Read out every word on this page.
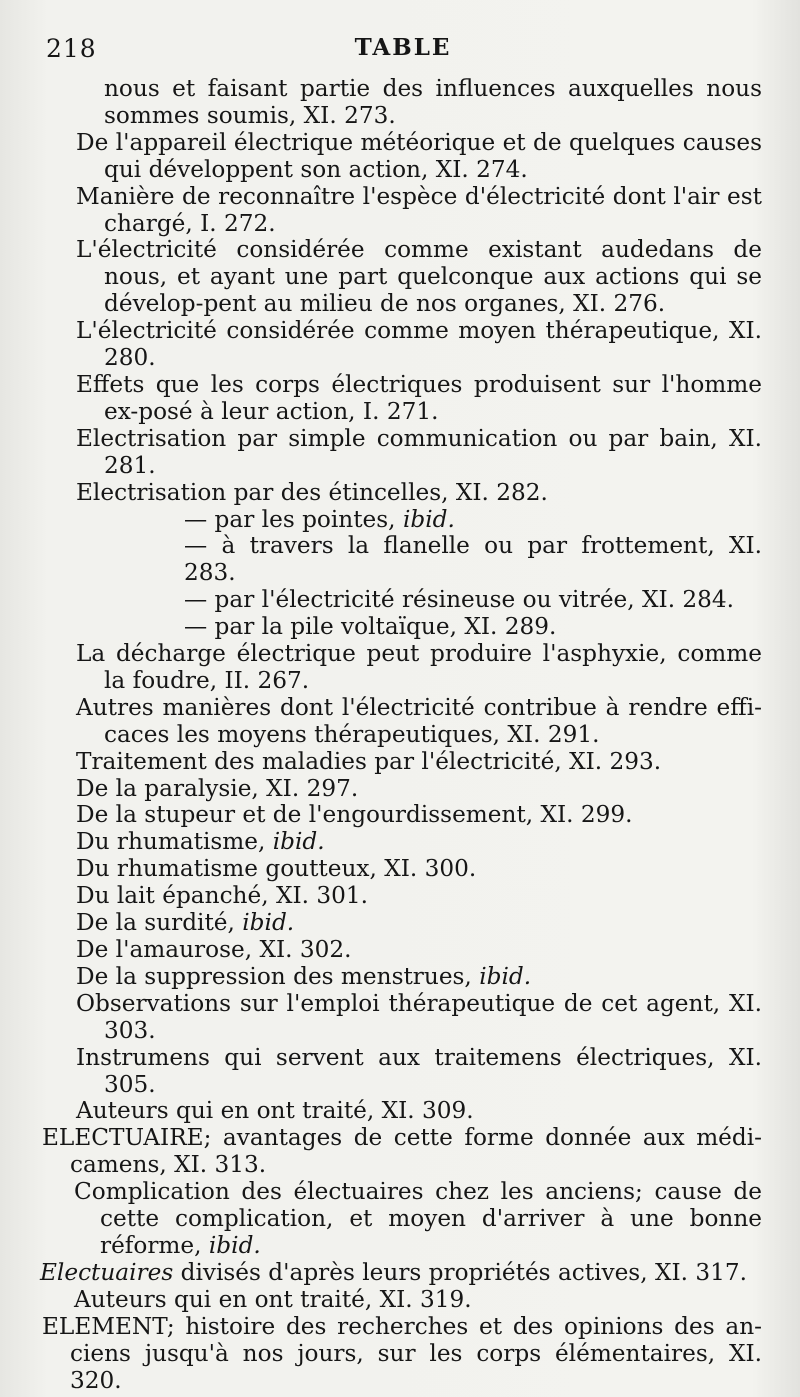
218	TABLE

nous et faisant partie des influences auxquelles nous sommes soumis, XI. 273.

De l'appareil électrique météorique et de quelques causes qui développent son action, XI. 274.

Manière de reconnaître l'espèce d'électricité dont l'air est chargé, I. 272.

L'électricité considérée comme existant audedans de nous, et ayant une part quelconque aux actions qui se dévelop-pent au milieu de nos organes, XI. 276.

L'électricité considérée comme moyen thérapeutique, XI. 280.

Effets que les corps électriques produisent sur l'homme ex-posé à leur action, I. 271.

Electrisation par simple communication ou par bain, XI. 281.

Electrisation par des étincelles, XI. 282.

— par les pointes, ibid.

— à travers la flanelle ou par frottement, XI. 283.

— par l'électricité résineuse ou vitrée, XI. 284.

— par la pile voltaïque, XI. 289.

La décharge électrique peut produire l'asphyxie, comme la foudre, II. 267.

Autres manières dont l'électricité contribue à rendre effi-caces les moyens thérapeutiques, XI. 291.

Traitement des maladies par l'électricité, XI. 293.

De la paralysie, XI. 297.

De la stupeur et de l'engourdissement, XI. 299.

Du rhumatisme, ibid.

Du rhumatisme goutteux, XI. 300.

Du lait épanché, XI. 301.

De la surdité, ibid.

De l'amaurose, XI. 302.

De la suppression des menstrues, ibid.

Observations sur l'emploi thérapeutique de cet agent, XI. 303.

Instrumens qui servent aux traitemens électriques, XI. 305.

Auteurs qui en ont traité, XI. 309.

ELECTUAIRE; avantages de cette forme donnée aux médi-camens, XI. 313.

Complication des électuaires chez les anciens; cause de cette complication, et moyen d'arriver à une bonne réforme, ibid.

Electuaires divisés d'après leurs propriétés actives, XI. 317.

Auteurs qui en ont traité, XI. 319.

ELEMENT; histoire des recherches et des opinions des an-ciens jusqu'à nos jours, sur les corps élémentaires, XI. 320.
